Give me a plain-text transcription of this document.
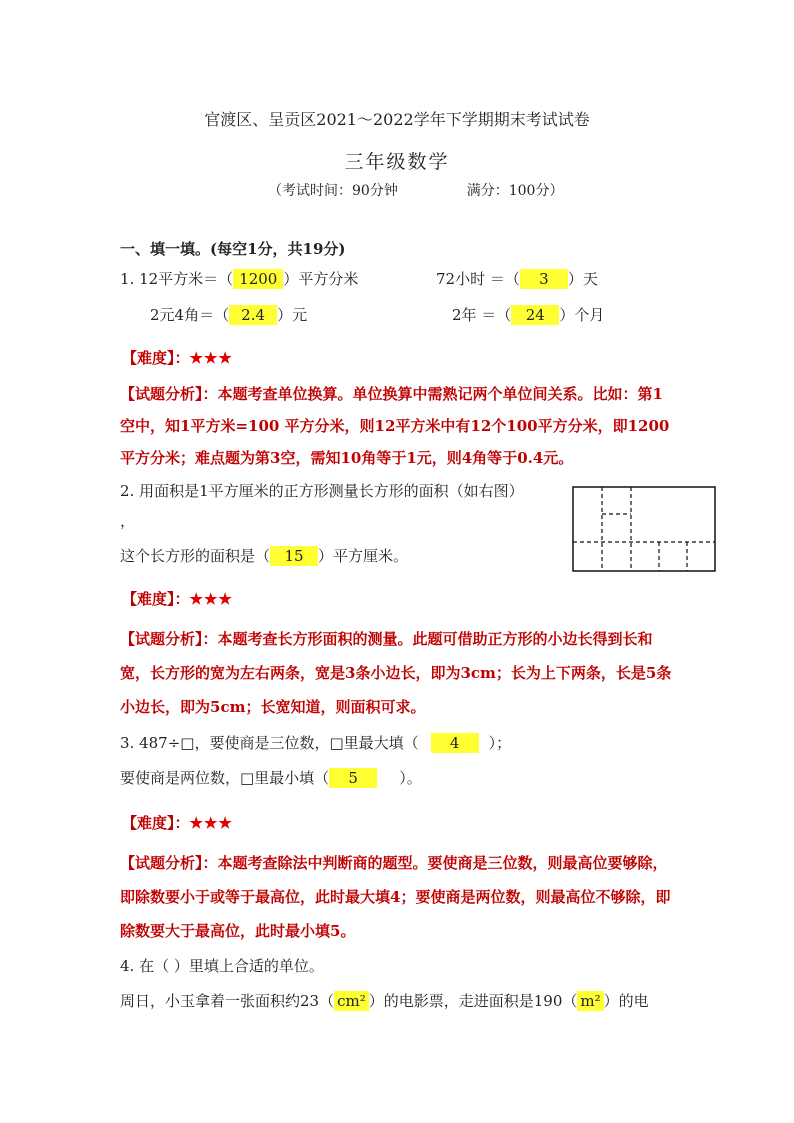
官渡区、呈贡区2021～2022学年下学期期末考试试卷
三年级数学
（考试时间：90分钟	满分：100分）
一、填一填。(每空1分，共19分)
1. 12平方米＝（ 1200 ）平方分米	72小时 ＝（ 3 ）天
2元4角＝（ 2.4 ）元	2年 ＝（ 24 ）个月
【难度】：★★★
【试题分析】：本题考查单位换算。单位换算中需熟记两个单位间关系。比如：第1 空中，知1平方米=100 平方分米，则12平方米中有12个100平方分米，即1200平方分米；难点题为第3空，需知10角等于1元，则4角等于0.4元。
2. 用面积是1平方厘米的正方形测量长方形的面积（如右图）
，
这个长方形的面积是（ 15 ）平方厘米。
【难度】：★★★
【试题分析】：本题考查长方形面积的测量。此题可借助正方形的小边长得到长和宽，长方形的宽为左右两条，宽是3条小边长，即为3cm；长为上下两条，长是5条小边长，即为5cm；长宽知道，则面积可求。
3. 487÷□，要使商是三位数，□里最大填（ 4 ）；
要使商是两位数，□里最小填（ 5	）。
【难度】：★★★
【试题分析】：本题考查除法中判断商的题型。要使商是三位数，则最高位要够除，即除数要小于或等于最高位，此时最大填4；要使商是两位数，则最高位不够除，即除数要大于最高位，此时最小填5。
4. 在（ ）里填上合适的单位。
周日，小玉拿着一张面积约23（ cm² ）的电影票，走进面积是190（ m² ）的电
